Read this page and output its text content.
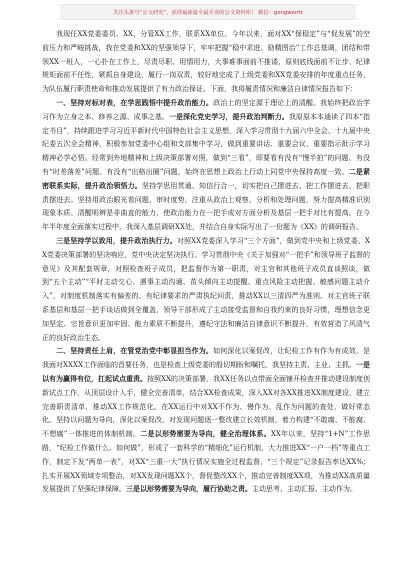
关注头条号“公文研究”，获得最新最全最专业的公文资料库！ 微信：gongwenfz

我现任XX党委委员、XX，分管XX工作，联系XX单位。今年以来，面对XX“保稳定”与“促发展”的空前压力和严峻挑战，我在党委和XX的坚强领导下，牢牢把握“稳中求进、励精图治”工作总基调，团结和带领XX一班人，一心扑在工作上，尽责尽职、用情用力，大事难事面前不推诿，原则底线面前不让步、纪律规矩面前不任性，紧抓自身建设，履行一岗双责，较好地完成了上级党委和XX党委安排的年度重点任务，为队伍履行职责使命和推动发展提供了有力政治保证。下面，我将履责情况和廉洁自律情况报告如下：

一、坚持对标对表，在学思践悟中提升政治能力。政治上的坚定源于理论上的清醒。我始终把政治学习作为立身之本、修养之源、成事之基。一是深化党史学习，提升政治判断力。我原原本本通读了四本“指定书目”，持续跟进学习习近平新时代中国特色社会主义思想，深入学习贯彻十九届六中全会、十九届中央纪委五次全会精神，积极参加党委中心组和支部集中学习，做到重要讲话、重要会议、重要指示批示学习精神必学必悟。经常到外地精神和上级决策部署对照，做到“三看”，即要看有没有“慢半拍”的问题、有没有“时差落差”问题、有没有“出格出圈”问题，始终在思想上政治上行动上同党中央保持高度一致。二是紧密联系实际，提升政治领悟力。坚持学思用贯通、知信行合一，切实把自己摆进去、把工作摆进去、把职责摆进去。坚持用政治眼光看问题、审时度势，注重从政治上观察、分析和处理问题，努力提高精准识别现象本质、清醒明辨是非曲直的能力，使政治能力在一把手或对方面分析及基层一把手对比有提高。在今年半年度全面落实过程中，我深入基层调研XX处，并结合自身实际写出了一份题为《XX》的调研报告。

三是坚持学以致用，提升政治执行力。对照XX党委深入学习“三个方面”，做到党中央和上级党委、XX党委决策部署的坚决响应，党中央决定坚决执行。学习贯彻中央《关于加强对“一把手”和领导班子监督的意见》及其配套规章，对照检查班子成员，把监督作为第一职责，对主官和其他班子成员直谈照谈，做到“五个主动”“平时主动交心、遇事主动沟通、苗头倾向主动提醒、重点风险主动把握、敏感问题主动介入”，对制度机制落实有偏差的、有纪律要求的严肃执纪问责，推动XX以三清四严为准则。对主官班子联系基层和基层一把手谈话做到全覆盖，领导干部形成了主动接受监督和自我约束的良好习惯，理想信念更加坚定、宗旨意识更加牢固、能力素质不断提升，遵纪守法和廉洁自律意识不断提升，有效营造了风清气正的良好政治生态。

二、坚持责任上肩，在管党治党中彰显担当作为。如何深化以案促改，让纪检工作有作为有成效，是我面对XXXX工作面临的首要任务，也是检查上级党委的殷切期盼和嘱托，我坚持主责、主业、主抓。一是以有为赢得有位，扛起试点重责。按照XX的决策部署，我XX任务以点带面全面铺开检查并推动建设制度创新试点工作，从顶层设计入手，健全完善清单，结合XX检查成果，深入XX对各XX推进XX制度建设，建立完善职责清单，推动XX工作规范化。在XX运行中对XX不作为、慢作为、乱作为问题的查处，做好常态化。坚持以问题为导向，深化以案促改，对发现问题逐一整改建立长效机制，着力构建“不敢腐、不能腐、不想腐”一体推进的体制机制。二是以形势需要为导向，健全治理体系。XX年以来，坚持“1+N”工作思路，“纪检工作做什么、如何做”，形成了一套科学的“精细化”运行机制，大力推进XX“一户一档”等重点工作，制定下发“两单一表”，对XX“三重一大”执行情况实施全过程监督，“三个规定”记录报告率达XX%；扎实开展XX领域专项整治，对XX发现问题XX个，督促整改XX个，推动完善制度XX项，为推动XX高质量发展提供了坚强纪律保障。三是以形势需要为导向，履行协助之责。主动思考、主动汇报、主动作为。
